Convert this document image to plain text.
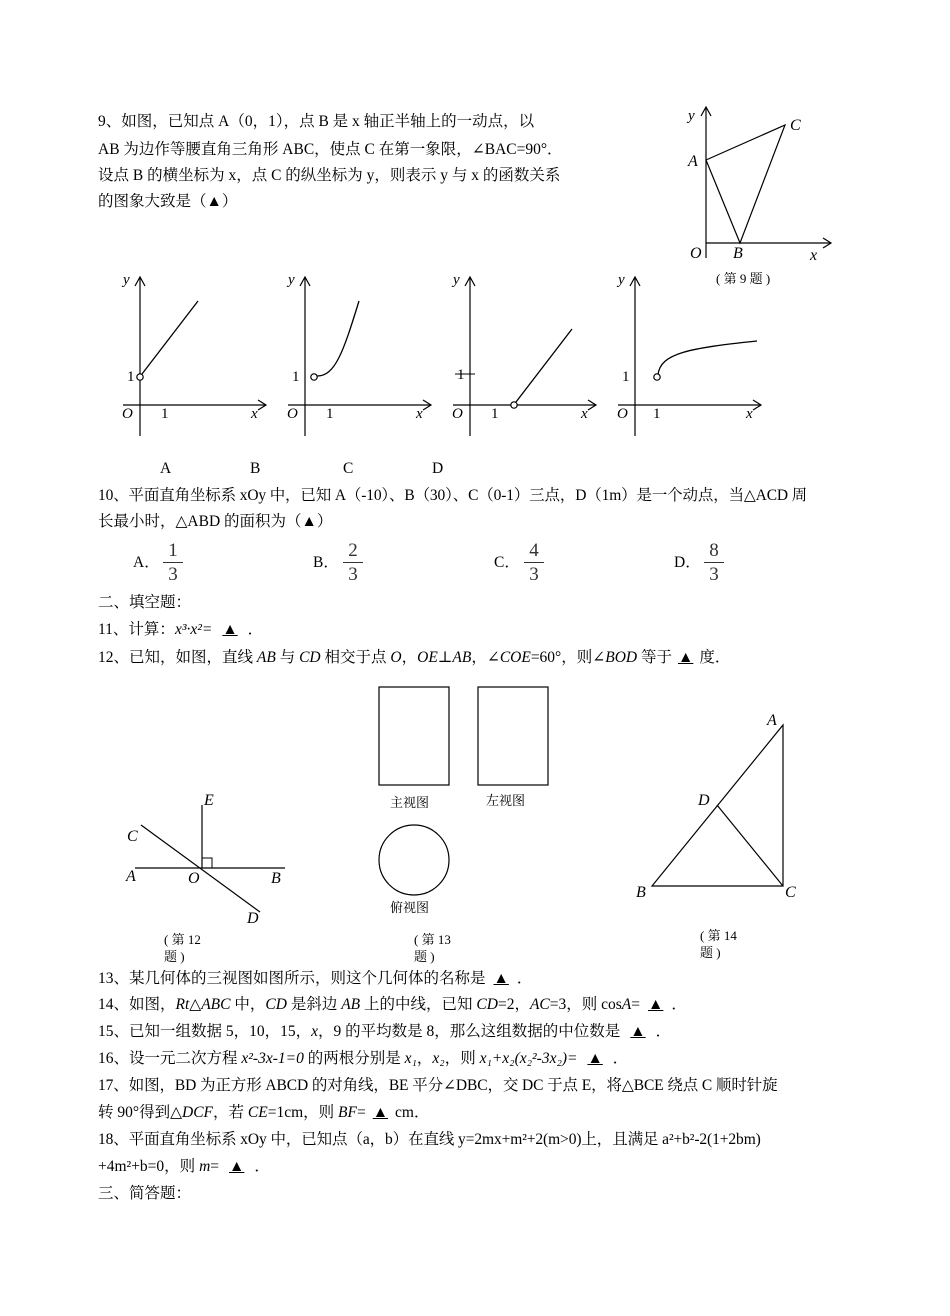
9、如图，已知点 A（0，1），点 B 是 x 轴正半轴上的一动点，以
AB 为边作等腰直角三角形 ABC，使点 C 在第一象限，∠BAC=90°．
设点 B 的横坐标为 x，点 C 的纵坐标为 y，则表示 y 与 x 的函数关系
的图象大致是（▲）
y
C
A
O B	x
( 第 9 题 )
y
1
O 1	x
y
1
O 1	x
y
1
O 1	x
y
1
O 1	x
A	B	C	D
10、平面直角坐标系 xOy 中，已知 A（-10）、B（30）、C（0-1）三点，D（1m）是一个动点，当△ACD 周
长最小时，△ABD 的面积为（▲）
A．
1
3
B．
2
3
C．
4
3
D．
8
3
二、填空题：
11、计算：x³·x²= ▲ ．
12、已知，如图，直线 AB 与 CD 相交于点 O，OE⊥AB，∠COE=60°，则∠BOD 等于 ▲ 度．
E
C
A	O	B
D
( 第 12
题 )
主视图	左视图
俯视图
( 第 13
题 )
A
D
B	C
( 第 14
题 )
13、某几何体的三视图如图所示，则这个几何体的名称是 ▲ ．
14、如图，Rt△ABC 中，CD 是斜边 AB 上的中线，已知 CD=2，AC=3，则 cosA= ▲ ．
15、已知一组数据 5，10，15，x，9 的平均数是 8，那么这组数据的中位数是 ▲ ．
16、设一元二次方程 x²-3x-1=0 的两根分别是 x₁，x₂，则 x₁+x₂(x₂²-3x₂)= ▲ ．
17、如图，BD 为正方形 ABCD 的对角线，BE 平分∠DBC，交 DC 于点 E，将△BCE 绕点 C 顺时针旋
转 90°得到△DCF，若 CE=1cm，则 BF= ▲ cm．
18、平面直角坐标系 xOy 中，已知点（a，b）在直线 y=2mx+m²+2(m>0)上，且满足 a²+b²-2(1+2bm)
+4m²+b=0，则 m= ▲ ．
三、简答题：
